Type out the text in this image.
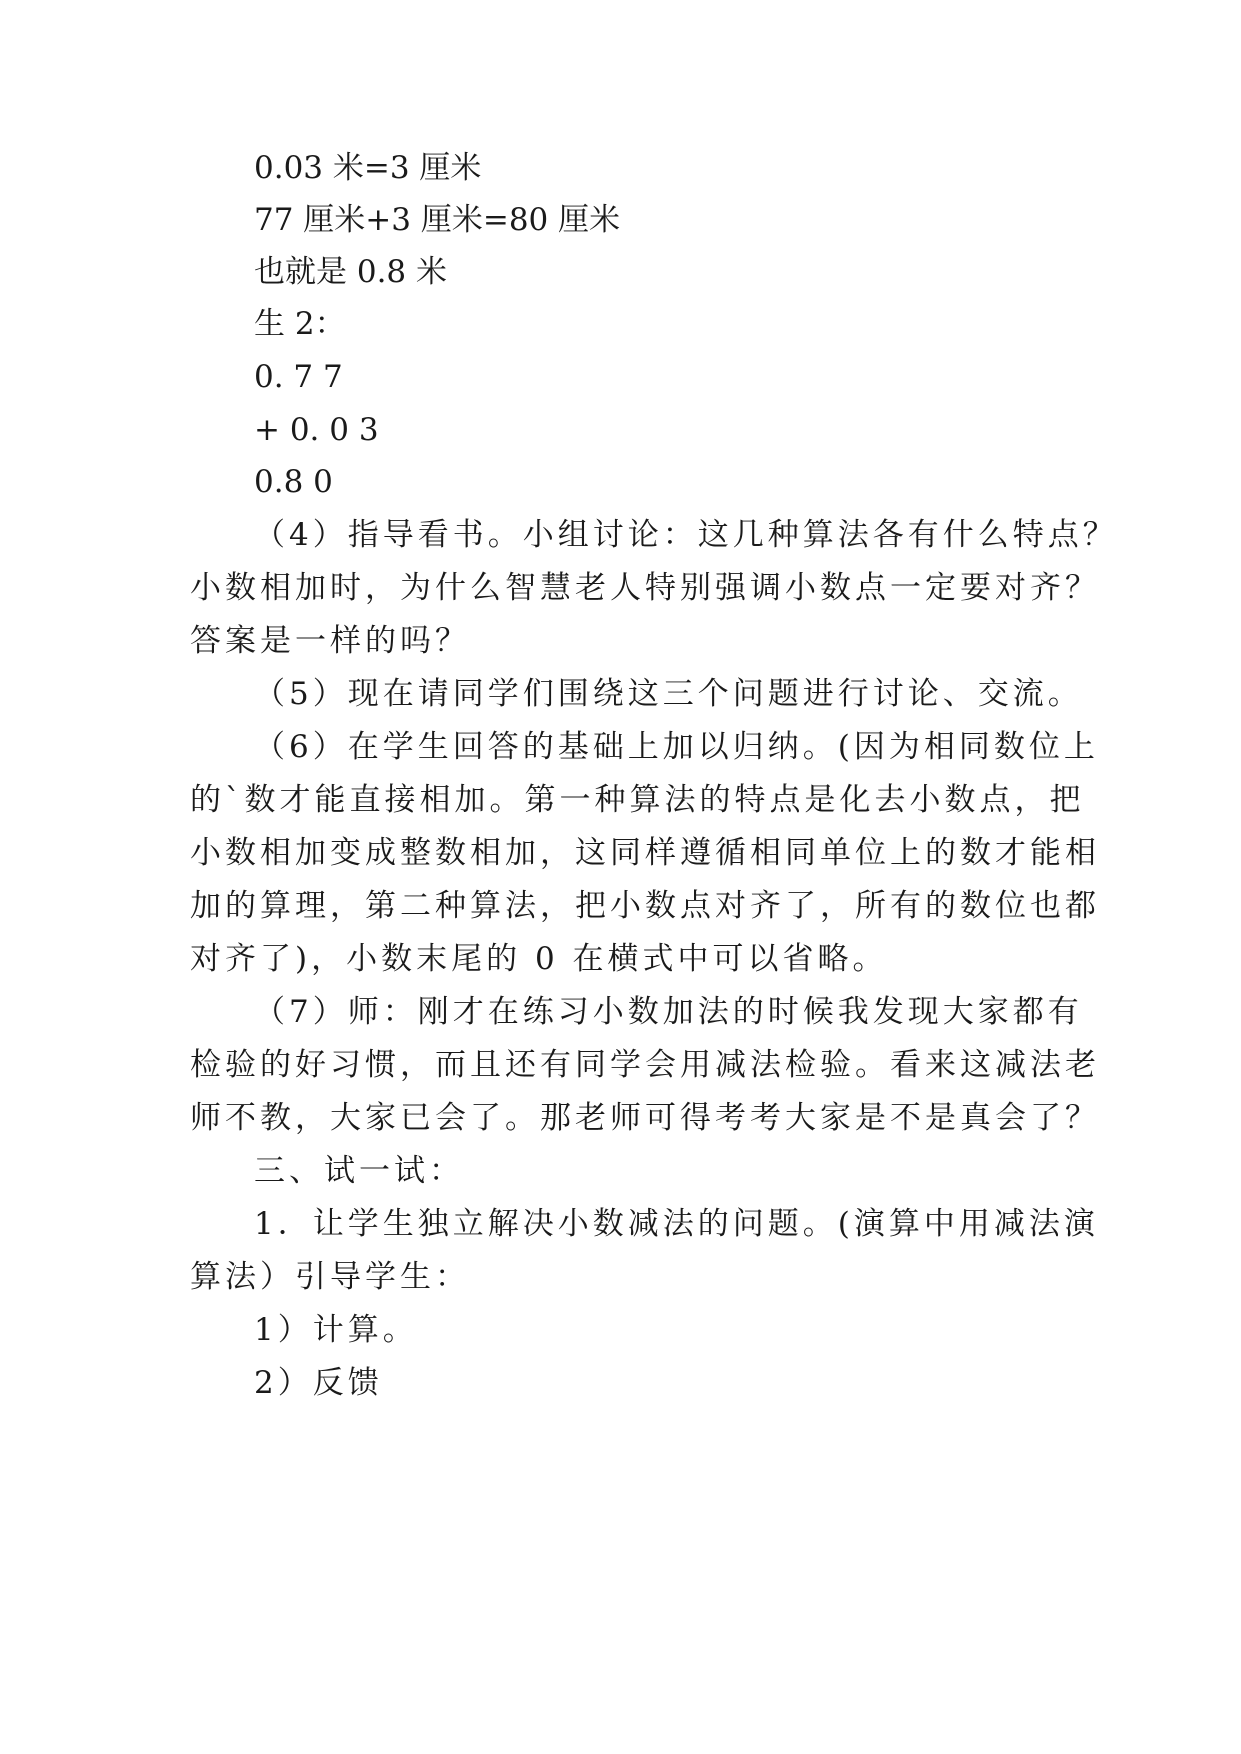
0.03 米=3 厘米
77 厘米+3 厘米=80 厘米
也就是 0.8 米
生 2：
0. 7 7
+ 0. 0 3
0.8 0
（4）指导看书。小组讨论：这几种算法各有什么特点？
小数相加时，为什么智慧老人特别强调小数点一定要对齐？
答案是一样的吗？
（5）现在请同学们围绕这三个问题进行讨论、交流。
（6）在学生回答的基础上加以归纳。(因为相同数位上
的`数才能直接相加。第一种算法的特点是化去小数点，把
小数相加变成整数相加，这同样遵循相同单位上的数才能相
加的算理，第二种算法，把小数点对齐了，所有的数位也都
对齐了)，小数末尾的 0 在横式中可以省略。
（7）师：刚才在练习小数加法的时候我发现大家都有
检验的好习惯，而且还有同学会用减法检验。看来这减法老
师不教，大家已会了。那老师可得考考大家是不是真会了？
三、试一试：
1．让学生独立解决小数减法的问题。(演算中用减法演
算法）引导学生：
1）计算。
2）反馈
